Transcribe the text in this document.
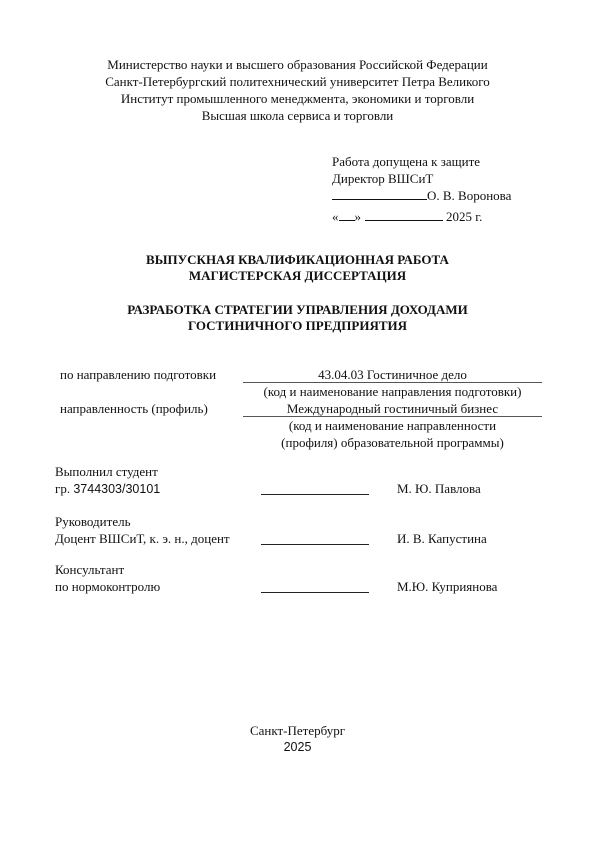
Министерство науки и высшего образования Российской Федерации
Санкт-Петербургский политехнический университет Петра Великого
Институт промышленного менеджмента, экономики и торговли
Высшая школа сервиса и торговли
Работа допущена к защите
Директор ВШСиТ
О. В. Воронова
« »	2025 г.
ВЫПУСКНАЯ КВАЛИФИКАЦИОННАЯ РАБОТА
МАГИСТЕРСКАЯ ДИССЕРТАЦИЯ
РАЗРАБОТКА СТРАТЕГИИ УПРАВЛЕНИЯ ДОХОДАМИ
ГОСТИНИЧНОГО ПРЕДПРИЯТИЯ
по направлению подготовки	43.04.03 Гостиничное дело
(код и наименование направления подготовки)
направленность (профиль)	Международный гостиничный бизнес
(код и наименование направленности
(профиля) образовательной программы)
Выполнил студент
гр. 3744303/30101	М. Ю. Павлова
Руководитель
Доцент ВШСиТ, к. э. н., доцент	И. В. Капустина
Консультант
по нормоконтролю	М.Ю. Куприянова
Санкт-Петербург
2025
